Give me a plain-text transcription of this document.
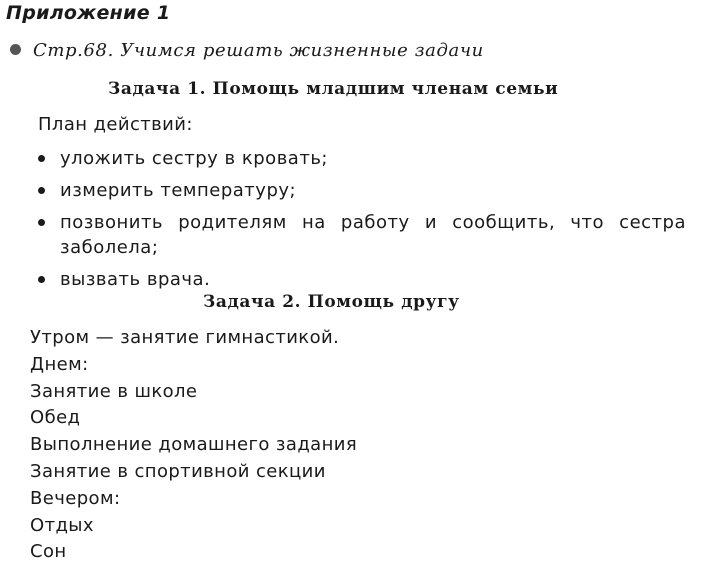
Приложение 1
Стр.68. Учимся решать жизненные задачи
Задача 1. Помощь младшим членам семьи
План действий:
уложить сестру в кровать;
измерить температуру;
позвонить родителям на работу и сообщить, что сестра заболела;
вызвать врача.
Задача 2. Помощь другу
Утром — занятие гимнастикой.
Днем:
Занятие в школе
Обед
Выполнение домашнего задания
Занятие в спортивной секции
Вечером:
Отдых
Сон
